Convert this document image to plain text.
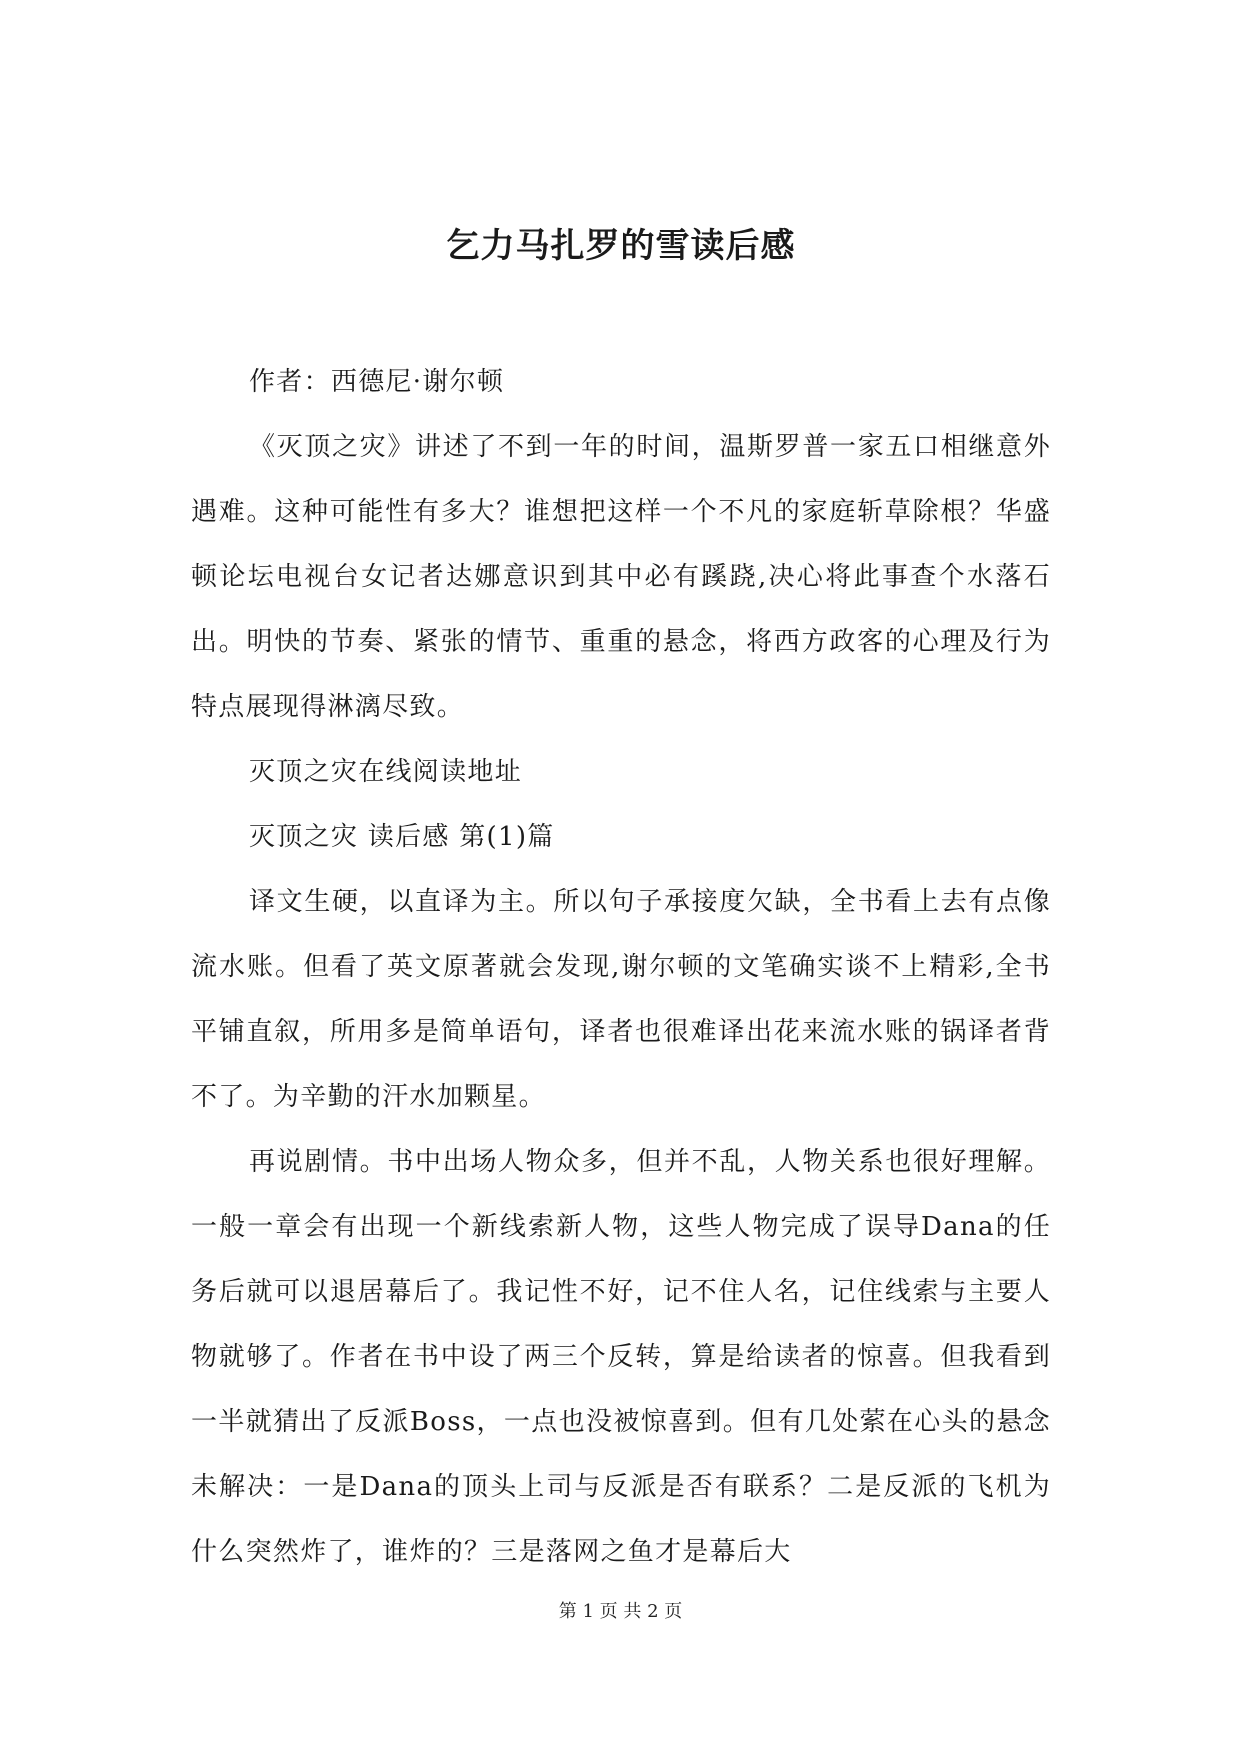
乞力马扎罗的雪读后感

作者：西德尼·谢尔顿

《灭顶之灾》讲述了不到一年的时间，温斯罗普一家五口相继意外遇难。这种可能性有多大？谁想把这样一个不凡的家庭斩草除根？华盛顿论坛电视台女记者达娜意识到其中必有蹊跷,决心将此事查个水落石出。明快的节奏、紧张的情节、重重的悬念，将西方政客的心理及行为特点展现得淋漓尽致。

灭顶之灾在线阅读地址

灭顶之灾 读后感 第(1)篇

译文生硬，以直译为主。所以句子承接度欠缺，全书看上去有点像流水账。但看了英文原著就会发现,谢尔顿的文笔确实谈不上精彩,全书平铺直叙，所用多是简单语句，译者也很难译出花来流水账的锅译者背不了。为辛勤的汗水加颗星。

再说剧情。书中出场人物众多，但并不乱，人物关系也很好理解。一般一章会有出现一个新线索新人物，这些人物完成了误导Dana的任务后就可以退居幕后了。我记性不好，记不住人名，记住线索与主要人物就够了。作者在书中设了两三个反转，算是给读者的惊喜。但我看到一半就猜出了反派Boss，一点也没被惊喜到。但有几处萦在心头的悬念未解决：一是Dana的顶头上司与反派是否有联系？二是反派的飞机为什么突然炸了，谁炸的？三是落网之鱼才是幕后大

第 1 页 共 2 页
